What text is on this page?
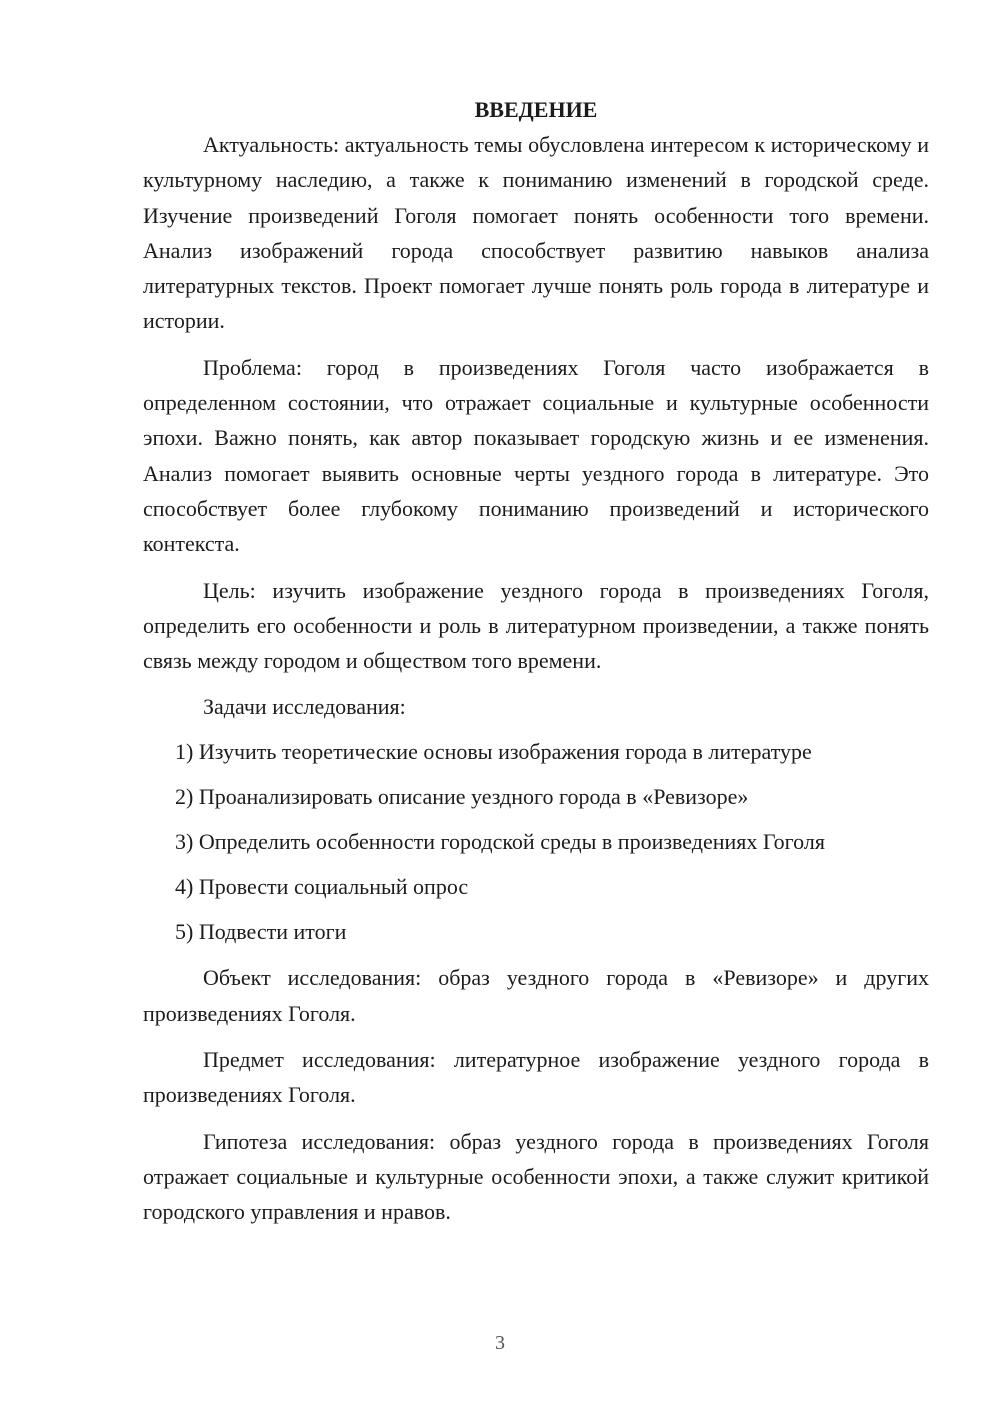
ВВЕДЕНИЕ

Актуальность: актуальность темы обусловлена интересом к историческому и культурному наследию, а также к пониманию изменений в городской среде. Изучение произведений Гоголя помогает понять особенности того времени. Анализ изображений города способствует развитию навыков анализа литературных текстов. Проект помогает лучше понять роль города в литературе и истории.

Проблема: город в произведениях Гоголя часто изображается в определенном состоянии, что отражает социальные и культурные особенности эпохи. Важно понять, как автор показывает городскую жизнь и ее изменения. Анализ помогает выявить основные черты уездного города в литературе. Это способствует более глубокому пониманию произведений и исторического контекста.

Цель: изучить изображение уездного города в произведениях Гоголя, определить его особенности и роль в литературном произведении, а также понять связь между городом и обществом того времени.

Задачи исследования:
1) Изучить теоретические основы изображения города в литературе
2) Проанализировать описание уездного города в «Ревизоре»
3) Определить особенности городской среды в произведениях Гоголя
4) Провести социальный опрос
5) Подвести итоги

Объект исследования: образ уездного города в «Ревизоре» и других произведениях Гоголя.

Предмет исследования: литературное изображение уездного города в произведениях Гоголя.

Гипотеза исследования: образ уездного города в произведениях Гоголя отражает социальные и культурные особенности эпохи, а также служит критикой городского управления и нравов.

3
